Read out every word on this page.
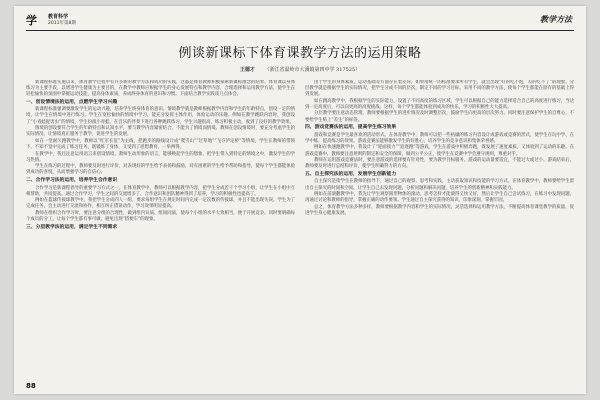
学 教育科学
2011年第8期	教学方法
例谈新课标下体育课教学方法的运用策略
王德才 （浙江省温岭市大溪镇第四中学 317525）

新课程标准实施以来，体育教学过程中有许多新的教学方法和成功的实践，这都是体育教师积极探索新课标理念的结果。体育课以身体练习为主要手段，以增进学生健康为主要目的，在教学中教师应根据学生的身心发展特点和教学内容，合理选择和运用教学方法，使学生在轻松愉快的氛围中掌握运动技能，提高身体素质，养成终身体育的意识和习惯。下面结合教学实践谈几点体会。

一、创设情境法的运用，点燃学生学习兴趣

新课程标准强调要激发学生的运动兴趣，培养学生终身体育的意识。情境教学就是教师根据教学内容和学生的年龄特点，创设一定的情境，让学生在情境中进行练习。学生在宽松愉快的情境中学习，能充分发挥主体作用，体验运动的乐趣。例如在教学跳跃内容时，我创设了“小青蛙捉害虫”的情境，学生扮演小青蛙，在音乐的伴奏下进行各种跳跃练习，学生兴趣很高，练习积极主动，收到了良好的教学效果。

情境的创设要符合学生的年龄特点和认知水平，要与教学内容紧密结合，不能为了情境而情境。教师在创设情境时，要充分考虑学生的实际情况，让情境真正服务于教学，促进学生的发展。

如在一堂耐久跑教学中，教师以“红军长征”为主线，把跑步的路线设计成“爬雪山”“过草地”“飞夺泸定桥”等情境，学生在教师的带领下，不知不觉中完成了练习任务，既锻炼了身体，又受到了思想教育，一举两得。

在教学中，我还注意运用语言来创设情境。教师生动形象的语言，能够唤起学生的想象，把学生带入到特定的情境之中，激发学生的学习热情。

学生在练习的过程中，教师要及时进行评价，对表现好的学生给予表扬和鼓励，对有困难的学生给予帮助和指导，使每个学生都能体验到成功的喜悦，从而增强学习的自信心。

二、合作学习法的运用，培养学生合作意识

合作学习是新课程倡导的重要学习方式之一。在体育教学中，教师可以根据教学内容，把学生分成若干个学习小组，让学生在小组中互相帮助，共同提高。通过合作学习，学生之间的交流增多了，合作意识和团队精神得到了培养，学习的积极性也提高了。

例如在篮球传接球教学中，我把学生分成四人一组，要求每组学生在规定时间内完成一定次数的传接球，并且不能出现失误。学生为了完成任务，会主动进行交流和协作，相互纠正错误动作，学习效果明显提高。

教师在组织合作学习时，要注意分组的合理性，做到组内异质、组间同质，使每个小组的水平大致相当，便于开展竞争。同时要明确每个成员的分工，让每个学生都有事可做，避免出现“搭便车”的现象。

三、分层教学法的运用，满足学生不同需求

由于学生的身体素质、运动基础等方面存在着差异，如果用统一的标准要求所有学生，就会出现“好的吃不饱，差的吃不了”的现象。分层教学就是根据学生的实际情况，把学生分成不同的层次，制定不同的学习目标，采用不同的教学方法，使每个学生都能在原有的基础上得到发展。

如在跳高教学中，我根据学生的实际能力，设置了不同高度的练习区域，学生可以根据自己的能力选择适合自己的高度进行练习，当达到一定高度后，可以向更高的高度挑战。这样，每个学生都能体验到成功的快乐，学习的积极性大大提高。

分层教学要注意动态管理，教师要根据学生的进步情况及时调整层次，鼓励学生向更高的层次努力。同时要注意保护学生的自尊心，不要给学生贴上“差生”的标签。

四、游戏竞赛法的运用，提高学生练习效果

游戏和竞赛是学生最喜欢的活动形式。在体育教学中，教师可以把一些枯燥的练习内容设计成游戏或竞赛的形式，使学生在玩中学、在学中练，提高练习的效果。游戏竞赛法能够激发学生的好胜心，培养学生的竞争意识和集体荣誉感。

例如在快速跑教学中，我设计了“迎面接力”“追逐跑”等游戏，学生在游戏中积极奔跑，既发展了速度素质，又体验到了运动的乐趣。在游戏竞赛中，教师要注意规则的制定和安全的保障，做到公平公正，使学生在竞赛中学会遵守规则，尊重对手。

教师在运用游戏竞赛法时，要注意游戏的选择要有针对性，要为教学目标服务。游戏的运动量要适宜，不能过大或过小。游戏结束后，教师要及时进行总结和评价，使学生明确努力的方向。

五、自主探究法的运用，发展学生创新能力

自主探究是指学生在教师的指导下，通过自己的观察、思考和实践，主动获取知识和技能的学习方式。在体育教学中，教师要给学生留出自主探究的时间和空间，让学生自己去发现问题、分析问题和解决问题，培养学生的创新精神和实践能力。

例如在前滚翻教学中，我先让学生观察圆形物体的滚动，思考怎样才能滚得又快又好，然后让学生自己尝试练习，在练习中发现问题，再通过讨论和教师的指导，掌握正确的动作要领。学生通过自主探究获得的知识，印象深刻，掌握牢固。

总之，体育教学方法多种多样，教师要根据教学内容和学生的实际情况，灵活选择和运用教学方法，不断提高体育课堂教学的质量，促进学生身心健康发展。

88
